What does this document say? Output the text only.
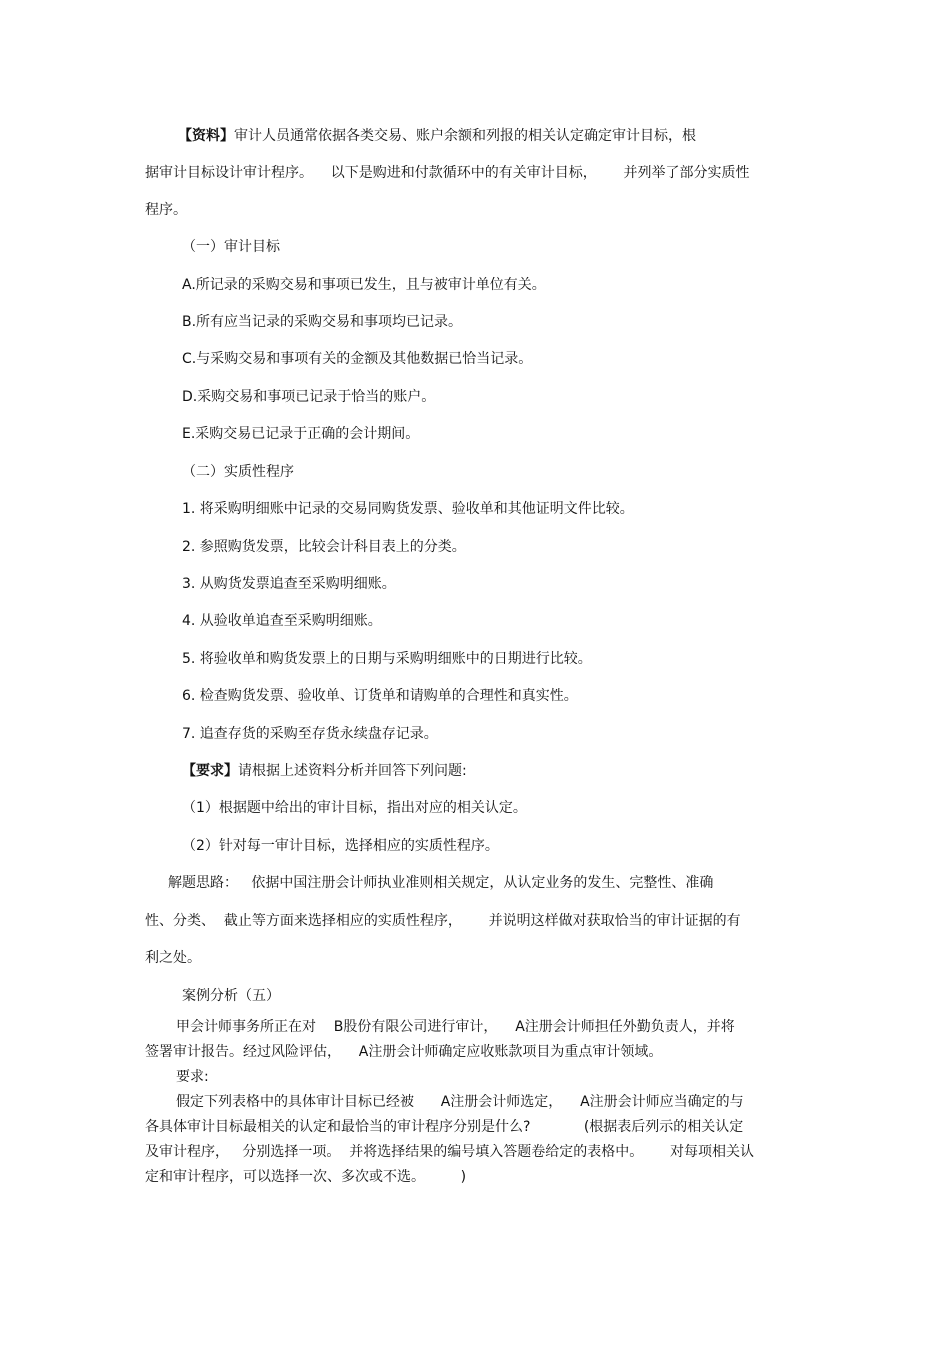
【资料】审计人员通常依据各类交易、账户余额和列报的相关认定确定审计目标，根
据审计目标设计审计程序。    以下是购进和付款循环中的有关审计目标，      并列举了部分实质性
程序。
（一）审计目标
A.所记录的采购交易和事项已发生，且与被审计单位有关。
B.所有应当记录的采购交易和事项均已记录。
C.与采购交易和事项有关的金额及其他数据已恰当记录。
D.采购交易和事项已记录于恰当的账户。
E.采购交易已记录于正确的会计期间。
（二）实质性程序
1. 将采购明细账中记录的交易同购货发票、验收单和其他证明文件比较。
2. 参照购货发票，比较会计科目表上的分类。
3. 从购货发票追查至采购明细账。
4. 从验收单追查至采购明细账。
5. 将验收单和购货发票上的日期与采购明细账中的日期进行比较。
6. 检查购货发票、验收单、订货单和请购单的合理性和真实性。
7. 追查存货的采购至存货永续盘存记录。
【要求】请根据上述资料分析并回答下列问题:
（1）根据题中给出的审计目标，指出对应的相关认定。
（2）针对每一审计目标，选择相应的实质性程序。
解题思路：   依据中国注册会计师执业准则相关规定，从认定业务的发生、完整性、准确
性、分类、  截止等方面来选择相应的实质性程序，      并说明这样做对获取恰当的审计证据的有
利之处。
案例分析（五）
甲会计师事务所正在对    B股份有限公司进行审计，    A注册会计师担任外勤负责人，并将
签署审计报告。经过风险评估，    A注册会计师确定应收账款项目为重点审计领域。
要求:
假定下列表格中的具体审计目标已经被      A注册会计师选定，    A注册会计师应当确定的与
各具体审计目标最相关的认定和最恰当的审计程序分别是什么?            (根据表后列示的相关认定
及审计程序，   分别选择一项。  并将选择结果的编号填入答题卷给定的表格中。      对每项相关认
定和审计程序，可以选择一次、多次或不选。        )
